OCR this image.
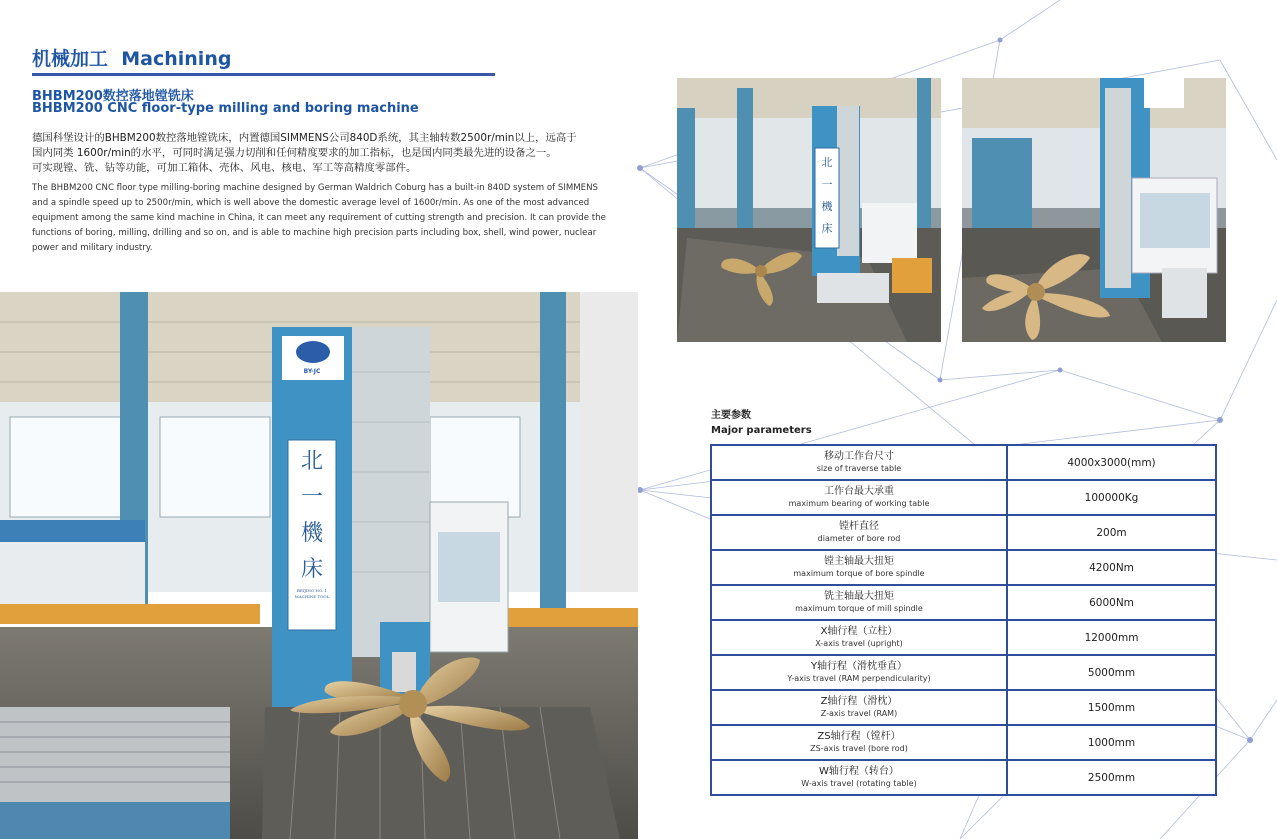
机械加工 Machining
BHBM200数控落地镗铣床
BHBM200 CNC floor-type milling and boring machine
德国科堡设计的BHBM200数控落地镗铣床，内置德国SIMMENS公司840D系统，其主轴转数2500r/min以上，远高于
国内同类 1600r/min的水平，可同时满足强力切削和任何精度要求的加工指标，也是国内同类最先进的设备之一。
可实现镗、铣、钻等功能，可加工箱体、壳体、风电、核电、军工等高精度零部件。
The BHBM200 CNC floor type milling-boring machine designed by German Waldrich Coburg has a built-in 840D system of SIMMENS
and a spindle speed up to 2500r/min, which is well above the domestic average level of 1600r/min. As one of the most advanced
equipment among the same kind machine in China, it can meet any requirement of cutting strength and precision. It can provide the
functions of boring, milling, drilling and so on, and is able to machine high precision parts including box, shell, wind power, nuclear
power and military industry.
BY-JC
北
一
機
床
BEIJING NO. 1
MACHINE TOOL
北
一
機
床
主要参数
Major parameters
移动工作台尺寸
size of traverse table	4000x3000(mm)

工作台最大承重
maximum bearing of working table	100000Kg

镗杆直径
diameter of bore rod	200m

镗主轴最大扭矩
maximum torque of bore spindle	4200Nm

铣主轴最大扭矩
maximum torque of mill spindle	6000Nm

X轴行程（立柱）
X-axis travel (upright)	12000mm

Y轴行程（滑枕垂直）
Y-axis travel (RAM perpendicularity)	5000mm

Z轴行程（滑枕）
Z-axis travel (RAM)	1500mm

ZS轴行程（镗杆）
ZS-axis travel (bore rod)	1000mm

W轴行程（转台）
W-axis travel (rotating table)	2500mm
